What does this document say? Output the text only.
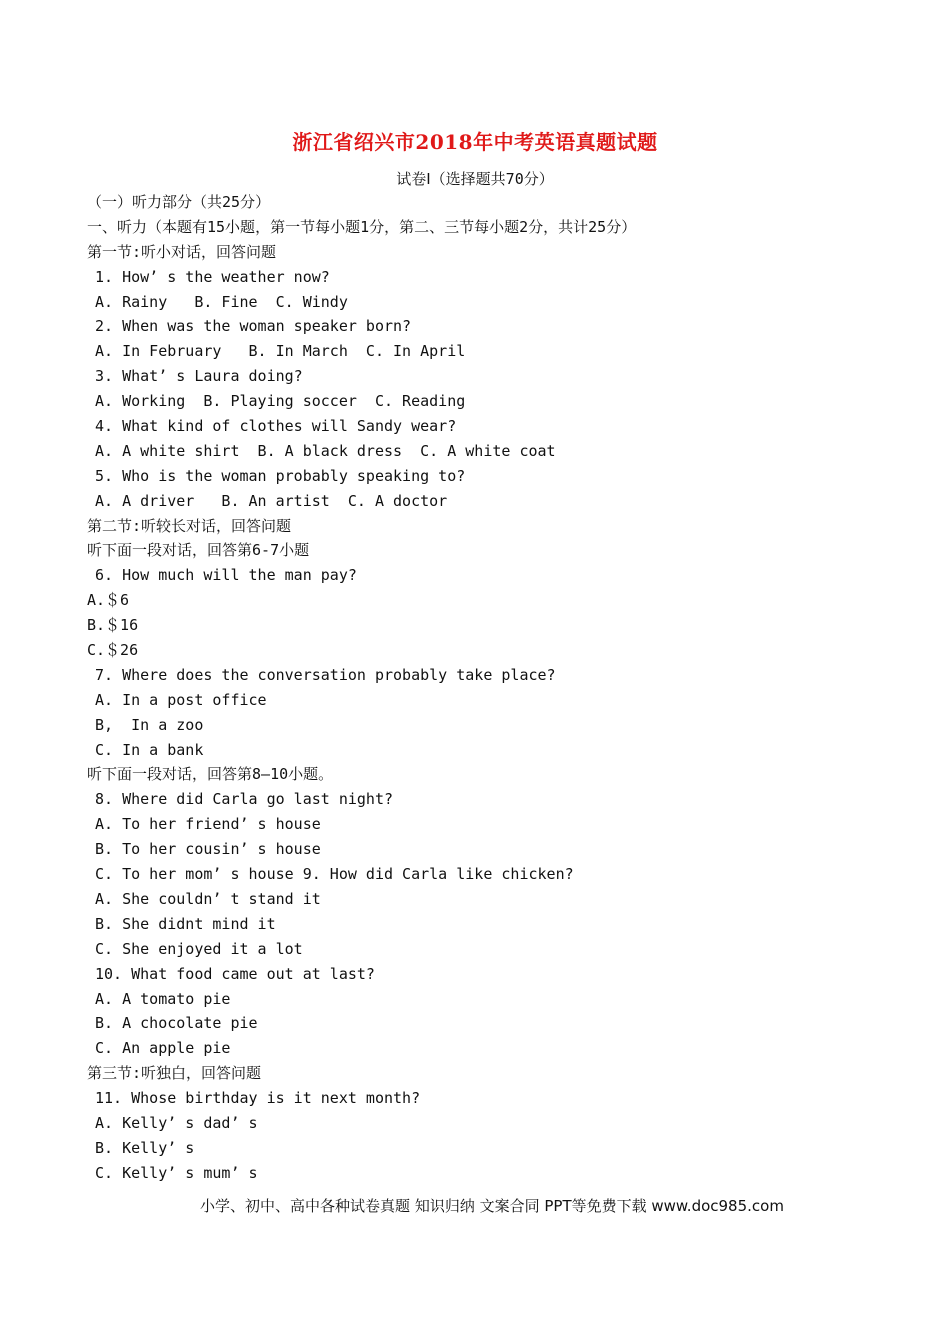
浙江省绍兴市2018年中考英语真题试题
试卷Ⅰ（选择题共70分）
（一）听力部分（共25分）
一、听力（本题有15小题，第一节每小题1分，第二、三节每小题2分，共计25分）
第一节:听小对话，回答问题
1. How’ s the weather now?
A. Rainy   B. Fine  C. Windy
2. When was the woman speaker born?
A. In February   B. In March  C. In April
3. What’ s Laura doing?
A. Working  B. Playing soccer  C. Reading
4. What kind of clothes will Sandy wear?
A. A white shirt  B. A black dress  C. A white coat
5. Who is the woman probably speaking to?
A. A driver   B. An artist  C. A doctor
第二节:听较长对话，回答问题
听下面一段对话，回答第6-7小题
6. How much will the man pay?
A.＄6
B.＄16
C.＄26
7. Where does the conversation probably take place?
A. In a post office
B,  In a zoo
C. In a bank
听下面一段对话，回答第8—10小题。
8. Where did Carla go last night?
A. To her friend’ s house
B. To her cousin’ s house
C. To her mom’ s house 9. How did Carla like chicken?
A. She couldn’ t stand it
B. She didnt mind it
C. She enjoyed it a lot
10. What food came out at last?
A. A tomato pie
B. A chocolate pie
C. An apple pie
第三节:听独白，回答问题
11. Whose birthday is it next month?
A. Kelly’ s dad’ s
B. Kelly’ s
C. Kelly’ s mum’ s
小学、初中、高中各种试卷真题 知识归纳 文案合同 PPT等免费下载 www.doc985.com
